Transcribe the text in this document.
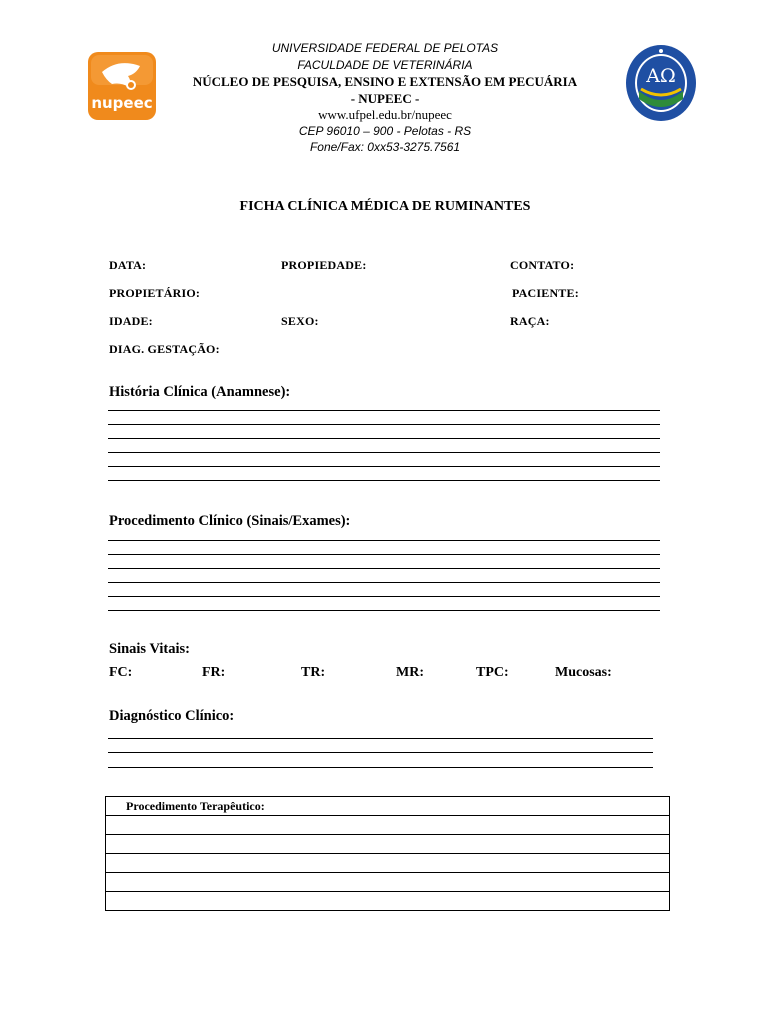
nupeec
AΩ
UNIVERSIDADE FEDERAL DE PELOTAS
FACULDADE DE VETERINÁRIA
NÚCLEO DE PESQUISA, ENSINO E EXTENSÃO EM PECUÁRIA
- NUPEEC -
www.ufpel.edu.br/nupeec
CEP 96010 – 900 - Pelotas - RS
Fone/Fax: 0xx53-3275.7561
FICHA CLÍNICA MÉDICA DE RUMINANTES
DATA:	PROPIEDADE:	CONTATO:
PROPIETÁRIO:	PACIENTE:
IDADE:	SEXO:	RAÇA:
DIAG. GESTAÇÃO:
História Clínica (Anamnese):
Procedimento Clínico (Sinais/Exames):
Sinais Vitais:
FC:	FR:	TR:	MR:	TPC:	Mucosas:
Diagnóstico Clínico:
Procedimento Terapêutico:
